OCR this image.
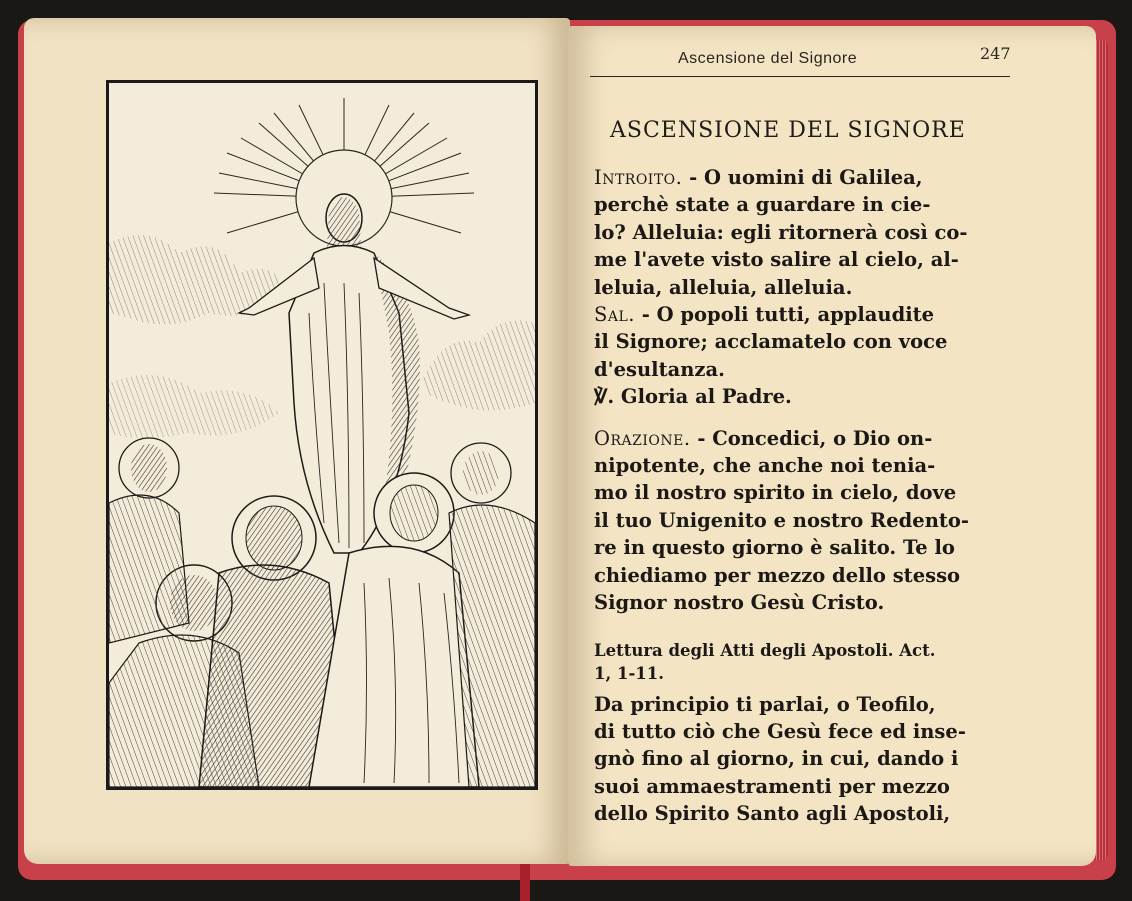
Ascensione del Signore	247
ASCENSIONE DEL SIGNORE
Introito. - O uomini di Galilea,
perchè state a guardare in cie-
lo? Alleluia: egli ritornerà così co-
me l'avete visto salire al cielo, al-
leluia, alleluia, alleluia.
Sal. - O popoli tutti, applaudite
il Signore; acclamatelo con voce
d'esultanza.
℣. Gloria al Padre.
Orazione. - Concedici, o Dio on-
nipotente, che anche noi tenia-
mo il nostro spirito in cielo, dove
il tuo Unigenito e nostro Redento-
re in questo giorno è salito. Te lo
chiediamo per mezzo dello stesso
Signor nostro Gesù Cristo.
Lettura degli Atti degli Apostoli. Act.
1, 1-11.
Da principio ti parlai, o Teofilo,
di tutto ciò che Gesù fece ed inse-
gnò fino al giorno, in cui, dando i
suoi ammaestramenti per mezzo
dello Spirito Santo agli Apostoli,
